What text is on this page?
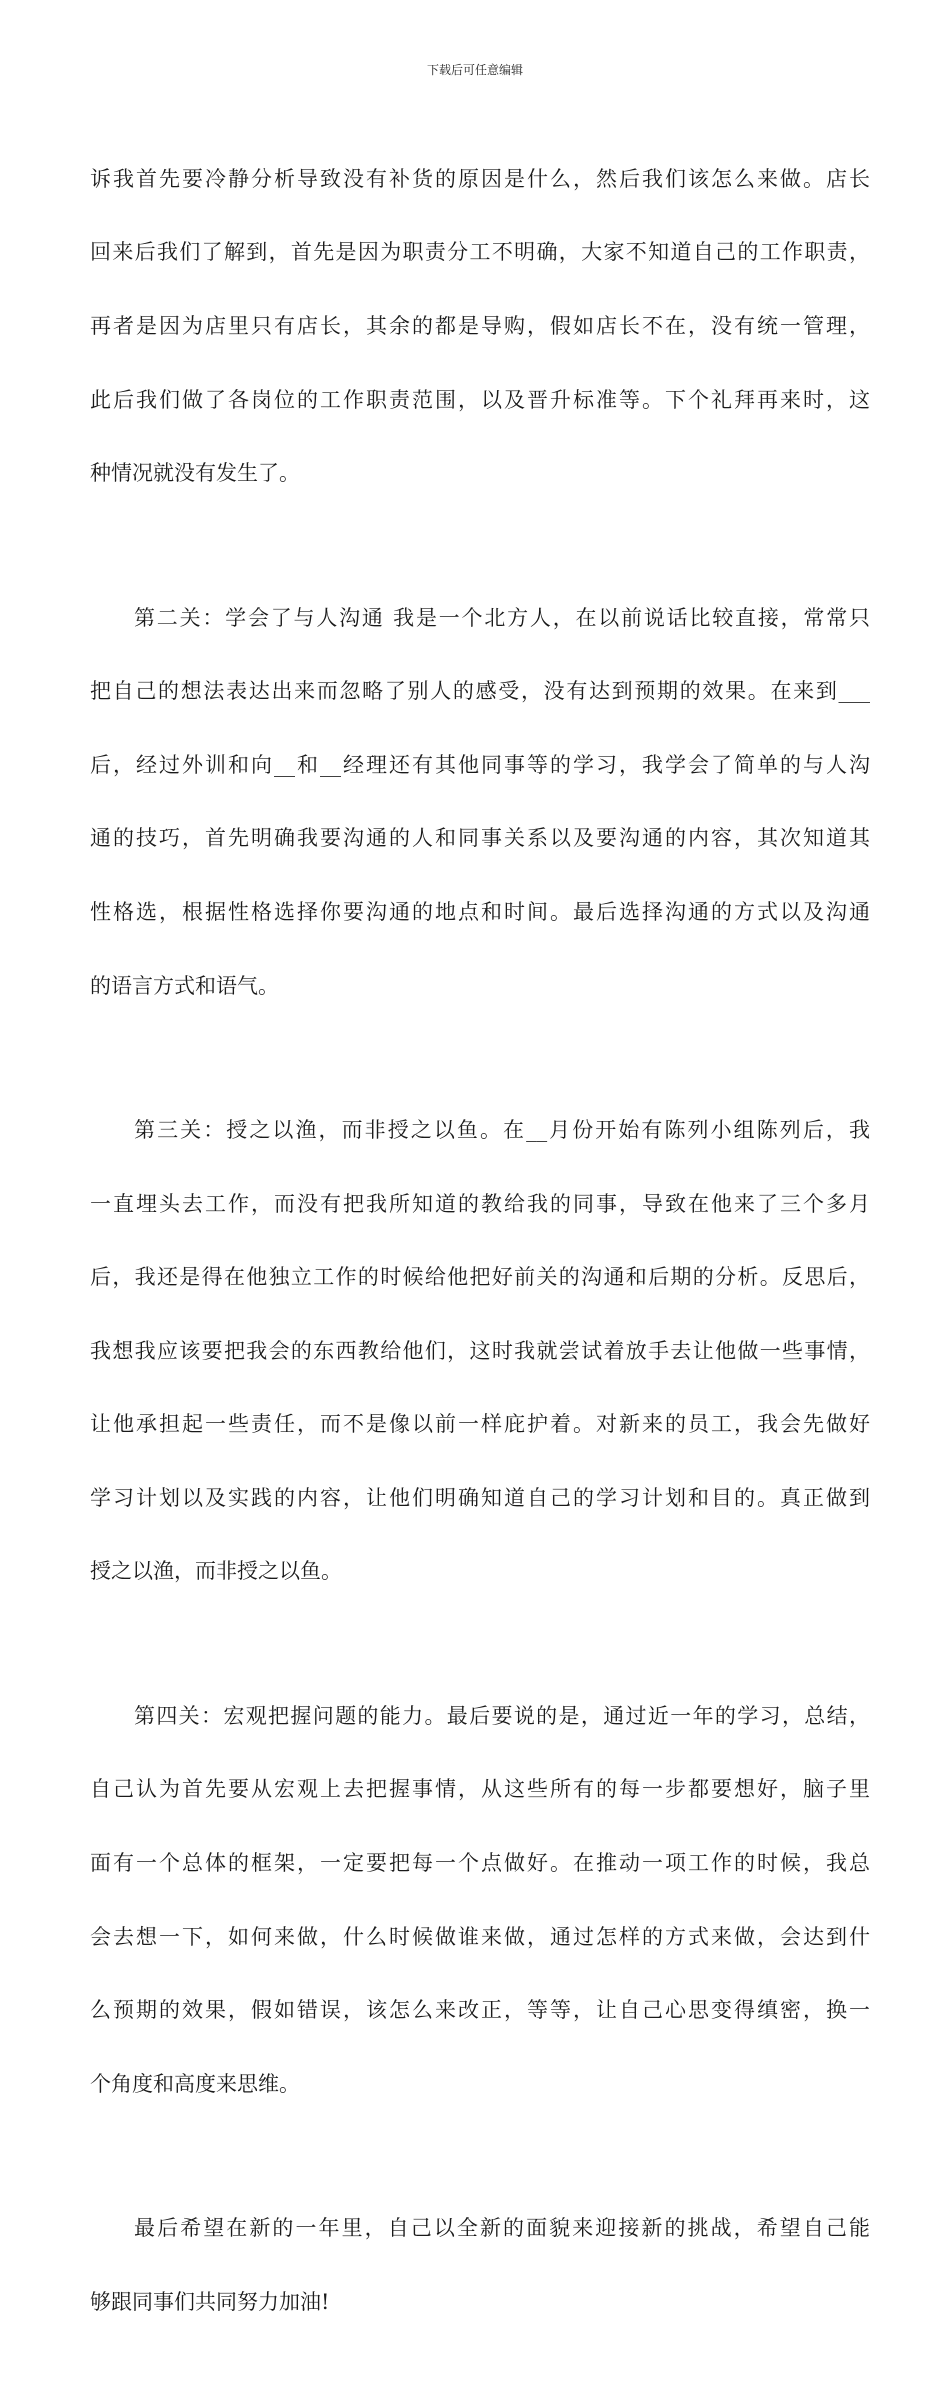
下载后可任意编辑

诉我首先要冷静分析导致没有补货的原因是什么，然后我们该怎么来做。店长

回来后我们了解到，首先是因为职责分工不明确，大家不知道自己的工作职责，

再者是因为店里只有店长，其余的都是导购，假如店长不在，没有统一管理，

此后我们做了各岗位的工作职责范围，以及晋升标准等。下个礼拜再来时，这

种情况就没有发生了。

第二关：学会了与人沟通 我是一个北方人，在以前说话比较直接，常常只

把自己的想法表达出来而忽略了别人的感受，没有达到预期的效果。在来到___

后，经过外训和向__和__经理还有其他同事等的学习，我学会了简单的与人沟

通的技巧，首先明确我要沟通的人和同事关系以及要沟通的内容，其次知道其

性格选，根据性格选择你要沟通的地点和时间。最后选择沟通的方式以及沟通

的语言方式和语气。

第三关：授之以渔，而非授之以鱼。在__月份开始有陈列小组陈列后，我

一直埋头去工作，而没有把我所知道的教给我的同事，导致在他来了三个多月

后，我还是得在他独立工作的时候给他把好前关的沟通和后期的分析。反思后，

我想我应该要把我会的东西教给他们，这时我就尝试着放手去让他做一些事情，

让他承担起一些责任，而不是像以前一样庇护着。对新来的员工，我会先做好

学习计划以及实践的内容，让他们明确知道自己的学习计划和目的。真正做到

授之以渔，而非授之以鱼。

第四关：宏观把握问题的能力。最后要说的是，通过近一年的学习，总结，

自己认为首先要从宏观上去把握事情，从这些所有的每一步都要想好，脑子里

面有一个总体的框架，一定要把每一个点做好。在推动一项工作的时候，我总

会去想一下，如何来做，什么时候做谁来做，通过怎样的方式来做，会达到什

么预期的效果，假如错误，该怎么来改正，等等，让自己心思变得缜密，换一

个角度和高度来思维。

最后希望在新的一年里，自己以全新的面貌来迎接新的挑战，希望自己能

够跟同事们共同努力加油!
